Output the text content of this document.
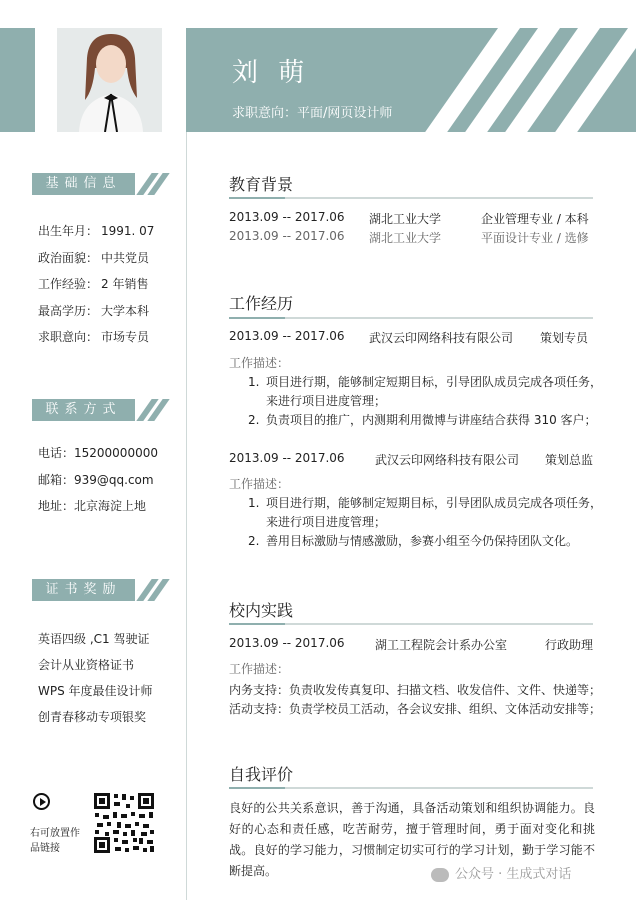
刘 萌
求职意向：平面/网页设计师
基础信息
出生年月： 1991. 07
政治面貌： 中共党员
工作经验： 2 年销售
最高学历： 大学本科
求职意向： 市场专员
联系方式
电话：15200000000
邮箱：939@qq.com
地址：北京海淀上地
证书奖励
英语四级 ,C1 驾驶证
会计从业资格证书
WPS 年度最佳设计师
创青春移动专项银奖
右可放置作品链接
教育背景
2013.09 -- 2017.06 湖北工业大学	企业管理专业 / 本科
2013.09 -- 2017.06 湖北工业大学	平面设计专业 / 选修
工作经历
2013.09 -- 2017.06 武汉云印网络科技有限公司 策划专员
工作描述：
1. 项目进行期，能够制定短期目标，引导团队成员完成各项任务，
来进行项目进度管理；
2. 负责项目的推广，内测期利用微博与讲座结合获得 310 客户；
2013.09 -- 2017.06	武汉云印网络科技有限公司 策划总监
工作描述：
1. 项目进行期，能够制定短期目标，引导团队成员完成各项任务，
来进行项目进度管理；
2. 善用目标激励与情感激励，参赛小组至今仍保持团队文化。
校内实践
2013.09 -- 2017.06	湖工工程院会计系办公室	行政助理
工作描述：
内务支持：负责收发传真复印、扫描文档、收发信件、文件、快递等；
活动支持：负责学校员工活动，各会议安排、组织、文体活动安排等；
自我评价
良好的公共关系意识，善于沟通，具备活动策划和组织协调能力。良好的心态和责任感，吃苦耐劳，擅于管理时间，勇于面对变化和挑战。良好的学习能力，习惯制定切实可行的学习计划，勤于学习能不断提高。	公众号 · 生成式对话
